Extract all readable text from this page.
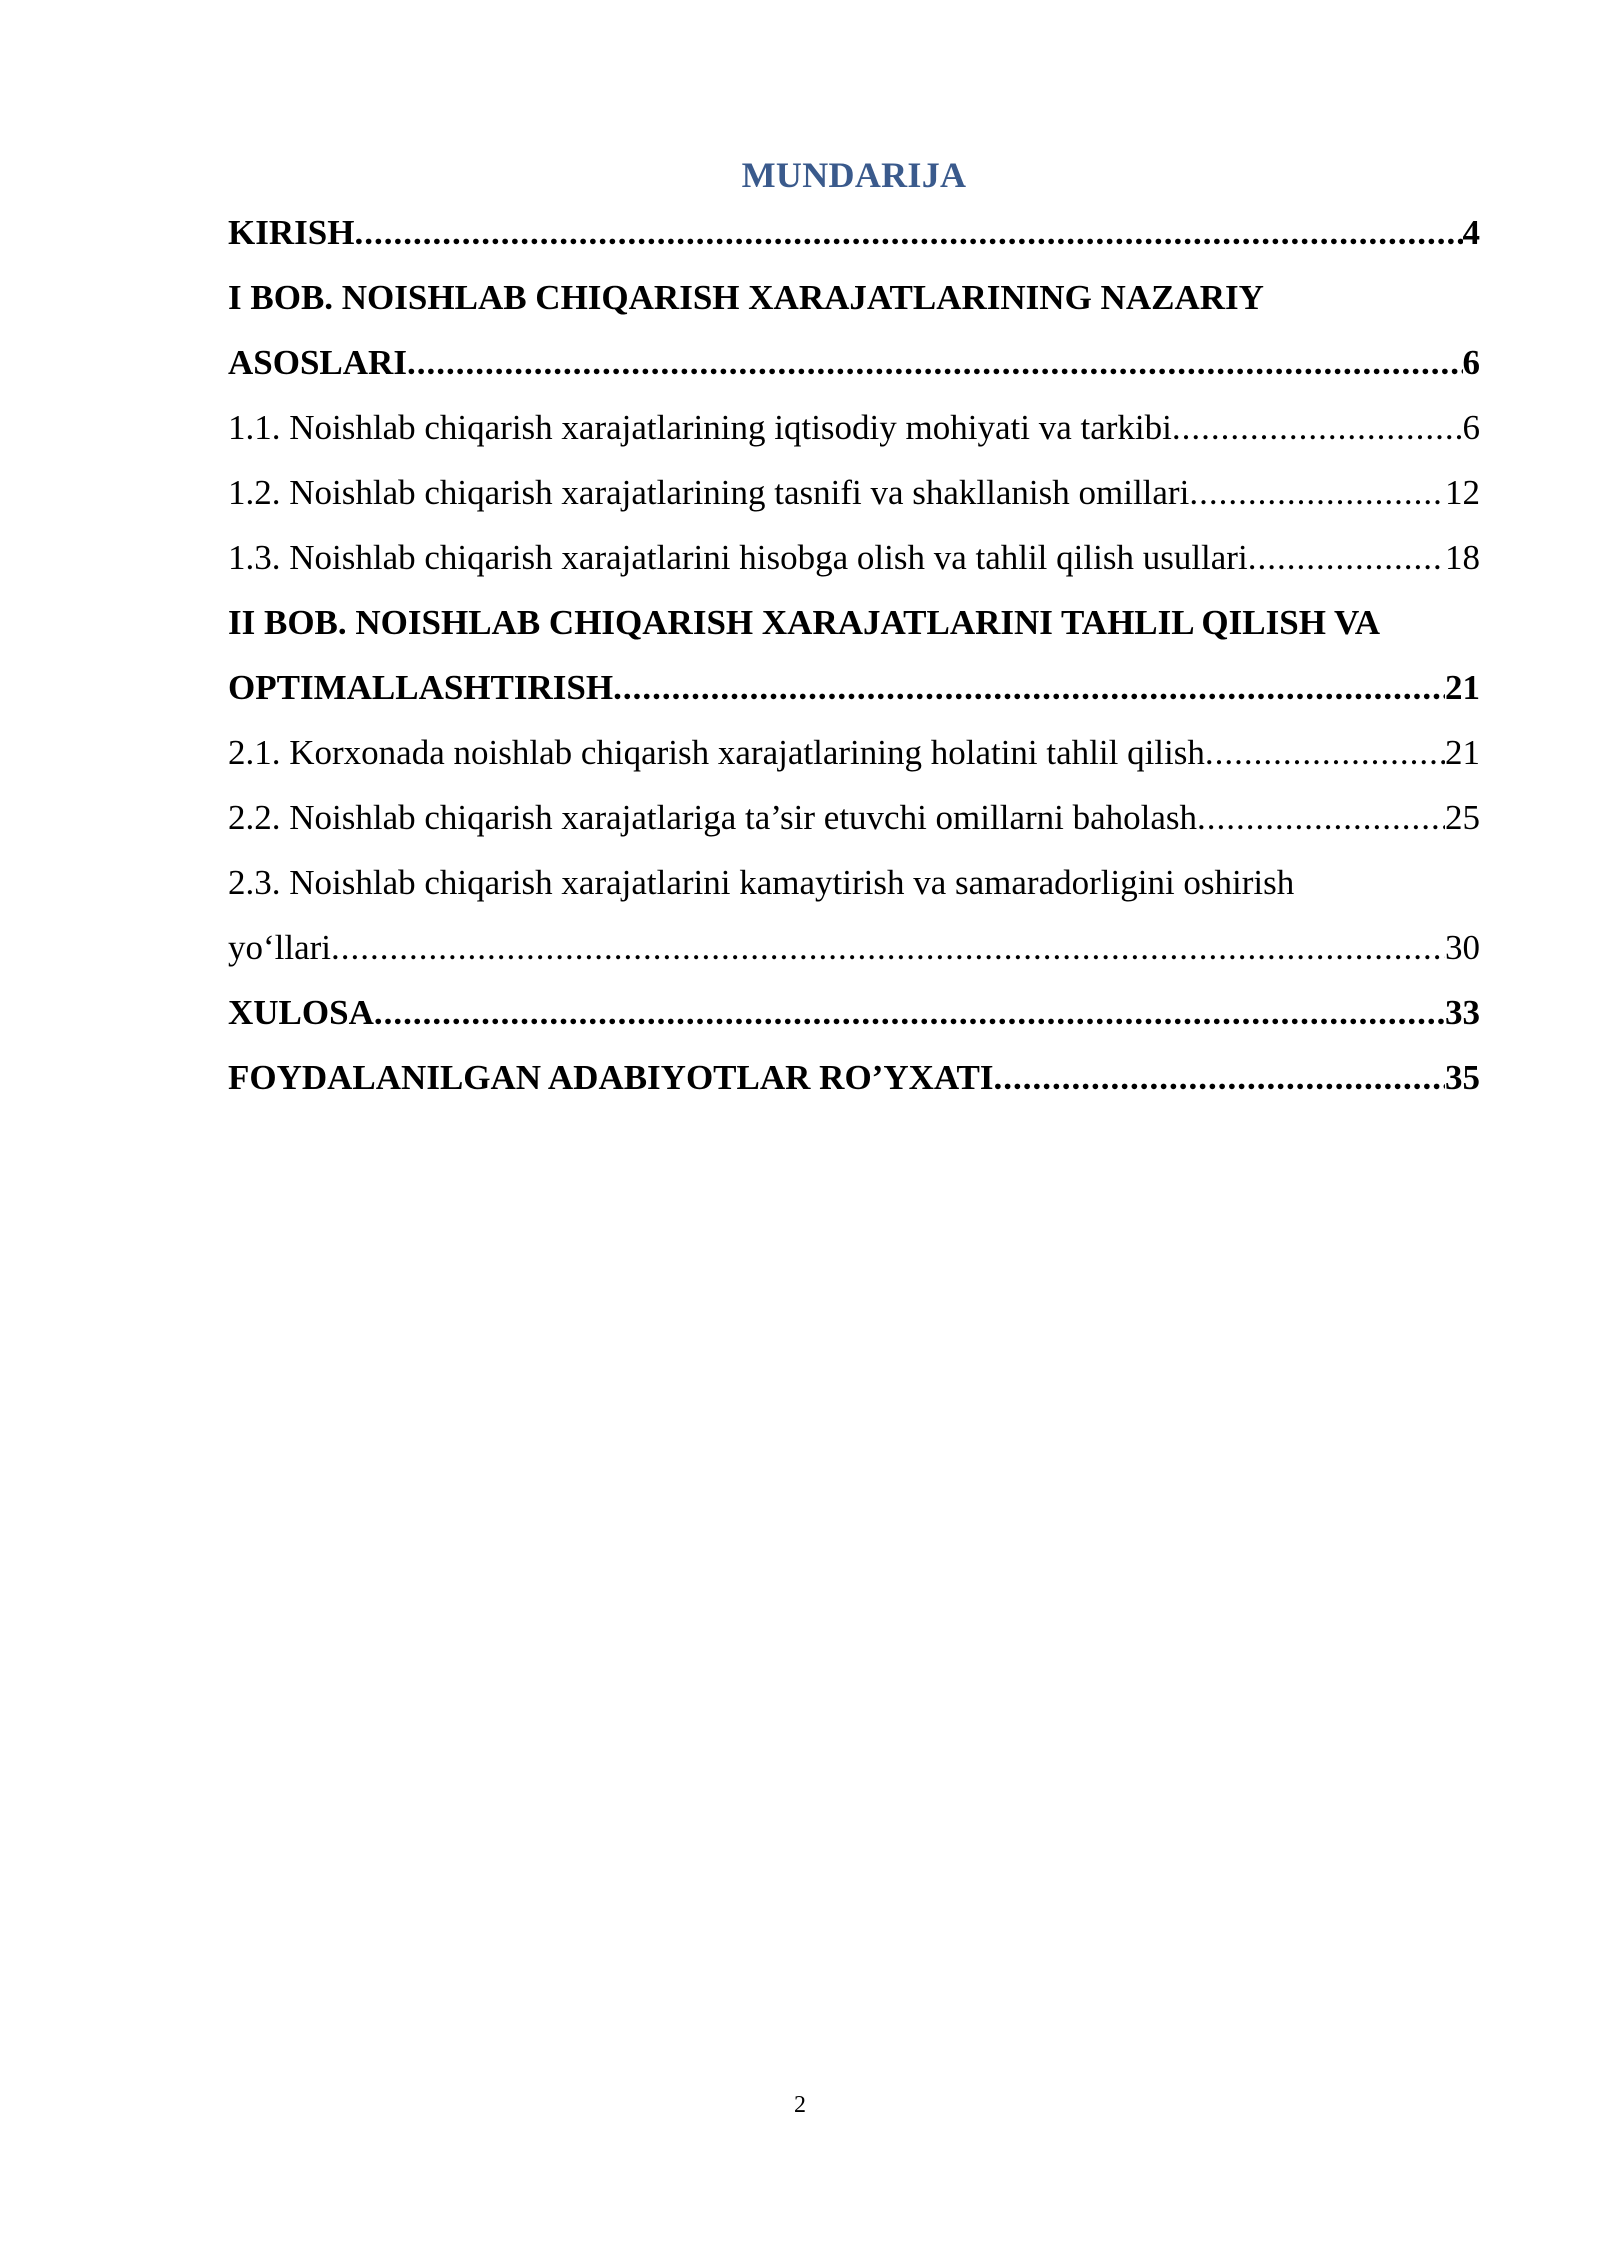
MUNDARIJA
KIRISH .....	4
I BOB. NOISHLAB CHIQARISH XARAJATLARINING NAZARIY
ASOSLARI .....	6
1.1. Noishlab chiqarish xarajatlarining iqtisodiy mohiyati va tarkibi .....	6
1.2. Noishlab chiqarish xarajatlarining tasnifi va shakllanish omillari .....	12
1.3. Noishlab chiqarish xarajatlarini hisobga olish va tahlil qilish usullari .....	18
II BOB. NOISHLAB CHIQARISH XARAJATLARINI TAHLIL QILISH VA
OPTIMALLASHTIRISH .....	21
2.1. Korxonada noishlab chiqarish xarajatlarining holatini tahlil qilish .....	21
2.2. Noishlab chiqarish xarajatlariga ta’sir etuvchi omillarni baholash .....	25
2.3. Noishlab chiqarish xarajatlarini kamaytirish va samaradorligini oshirish
yo‘llari .....	30
XULOSA .....	33
FOYDALANILGAN ADABIYOTLAR RO’YXATI .....	35
2
